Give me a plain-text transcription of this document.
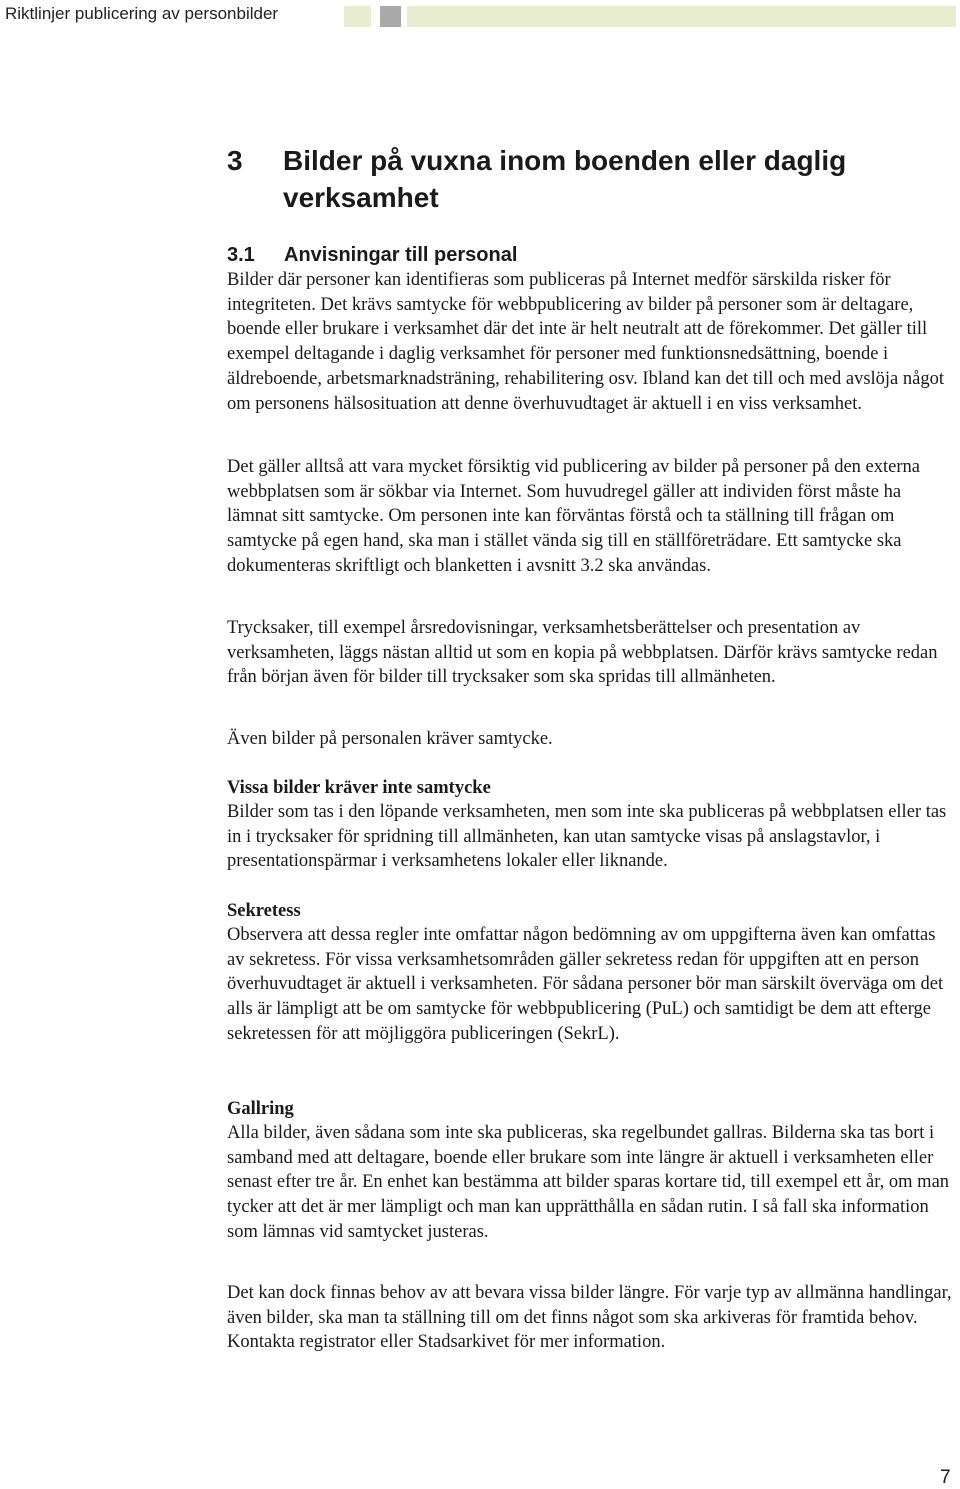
Riktlinjer publicering av personbilder
3 Bilder på vuxna inom boenden eller daglig verksamhet
3.1 Anvisningar till personal

Bilder där personer kan identifieras som publiceras på Internet medför särskilda risker för integriteten. Det krävs samtycke för webbpublicering av bilder på personer som är deltagare, boende eller brukare i verksamhet där det inte är helt neutralt att de förekommer. Det gäller till exempel deltagande i daglig verksamhet för personer med funktionsnedsättning, boende i äldreboende, arbetsmarknadsträning, rehabilitering osv. Ibland kan det till och med avslöja något om personens hälsosituation att denne överhuvudtaget är aktuell i en viss verksamhet.

Det gäller alltså att vara mycket försiktig vid publicering av bilder på personer på den externa webbplatsen som är sökbar via Internet. Som huvudregel gäller att individen först måste ha lämnat sitt samtycke. Om personen inte kan förväntas förstå och ta ställning till frågan om samtycke på egen hand, ska man i stället vända sig till en ställföreträdare. Ett samtycke ska dokumenteras skriftligt och blanketten i avsnitt 3.2 ska användas.

Trycksaker, till exempel årsredovisningar, verksamhetsberättelser och presentation av verksamheten, läggs nästan alltid ut som en kopia på webbplatsen. Därför krävs samtycke redan från början även för bilder till trycksaker som ska spridas till allmänheten.

Även bilder på personalen kräver samtycke.

Vissa bilder kräver inte samtycke

Bilder som tas i den löpande verksamheten, men som inte ska publiceras på webbplatsen eller tas in i trycksaker för spridning till allmänheten, kan utan samtycke visas på anslagstavlor, i presentationspärmar i verksamhetens lokaler eller liknande.

Sekretess

Observera att dessa regler inte omfattar någon bedömning av om uppgifterna även kan omfattas av sekretess. För vissa verksamhetsområden gäller sekretess redan för uppgiften att en person överhuvudtaget är aktuell i verksamheten. För sådana personer bör man särskilt överväga om det alls är lämpligt att be om samtycke för webbpublicering (PuL) och samtidigt be dem att efterge sekretessen för att möjliggöra publiceringen (SekrL).

Gallring

Alla bilder, även sådana som inte ska publiceras, ska regelbundet gallras. Bilderna ska tas bort i samband med att deltagare, boende eller brukare som inte längre är aktuell i verksamheten eller senast efter tre år. En enhet kan bestämma att bilder sparas kortare tid, till exempel ett år, om man tycker att det är mer lämpligt och man kan upprätthålla en sådan rutin. I så fall ska information som lämnas vid samtycket justeras.

Det kan dock finnas behov av att bevara vissa bilder längre. För varje typ av allmänna handlingar, även bilder, ska man ta ställning till om det finns något som ska arkiveras för framtida behov. Kontakta registrator eller Stadsarkivet för mer information.

7
